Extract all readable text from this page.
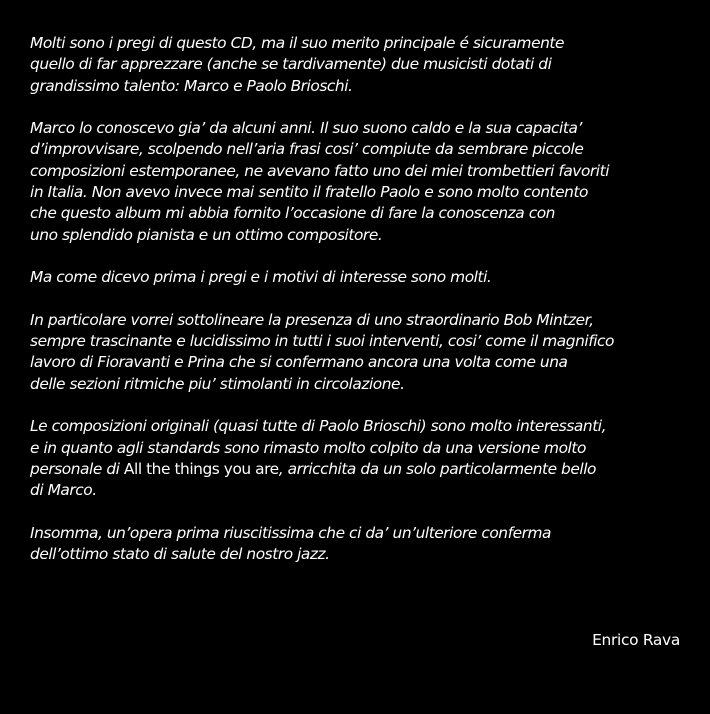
Molti sono i pregi di questo CD, ma il suo merito principale é sicuramente
quello di far apprezzare (anche se tardivamente) due musicisti dotati di
grandissimo talento: Marco e Paolo Brioschi.

Marco lo conoscevo gia’ da alcuni anni. Il suo suono caldo e la sua capacita’
d’improvvisare, scolpendo nell’aria frasi cosi’ compiute da sembrare piccole
composizioni estemporanee, ne avevano fatto uno dei miei trombettieri favoriti
in Italia. Non avevo invece mai sentito il fratello Paolo e sono molto contento
che questo album mi abbia fornito l’occasione di fare la conoscenza con
uno splendido pianista e un ottimo compositore.

Ma come dicevo prima i pregi e i motivi di interesse sono molti.

In particolare vorrei sottolineare la presenza di uno straordinario Bob Mintzer,
sempre trascinante e lucidissimo in tutti i suoi interventi, cosi’ come il magnifico
lavoro di Fioravanti e Prina che si confermano ancora una volta come una
delle sezioni ritmiche piu’ stimolanti in circolazione.

Le composizioni originali (quasi tutte di Paolo Brioschi) sono molto interessanti,
e in quanto agli standards sono rimasto molto colpito da una versione molto
personale di All the things you are, arricchita da un solo particolarmente bello
di Marco.

Insomma, un’opera prima riuscitissima che ci da’ un’ulteriore conferma
dell’ottimo stato di salute del nostro jazz.

Enrico Rava
